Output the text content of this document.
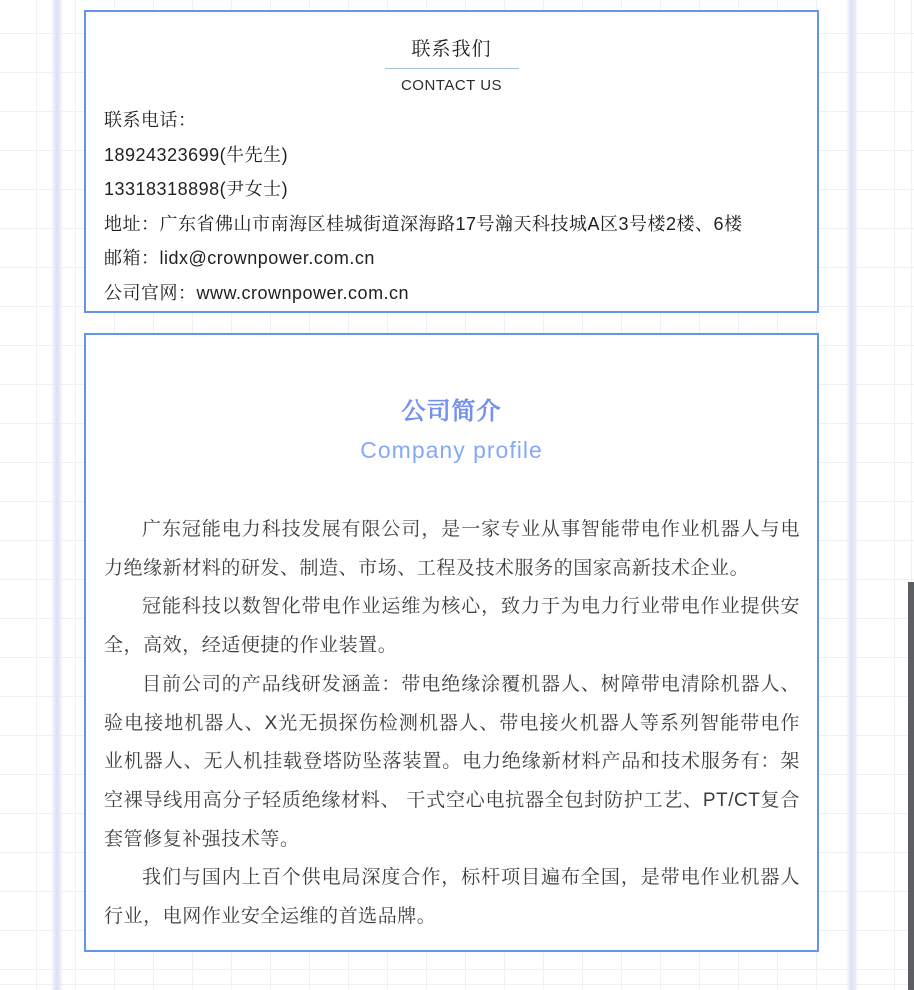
联系我们
CONTACT US
联系电话：
18924323699(牛先生)
13318318898(尹女士)
地址：广东省佛山市南海区桂城街道深海路17号瀚天科技城A区3号楼2楼、6楼
邮箱：lidx@crownpower.com.cn
公司官网：www.crownpower.com.cn
公司简介
Company profile

广东冠能电力科技发展有限公司，是一家专业从事智能带电作业机器人与电力绝缘新材料的研发、制造、市场、工程及技术服务的国家高新技术企业。

冠能科技以数智化带电作业运维为核心，致力于为电力行业带电作业提供安全，高效，经适便捷的作业装置。

目前公司的产品线研发涵盖：带电绝缘涂覆机器人、树障带电清除机器人、验电接地机器人、X光无损探伤检测机器人、带电接火机器人等系列智能带电作业机器人、无人机挂载登塔防坠落装置。电力绝缘新材料产品和技术服务有：架空裸导线用高分子轻质绝缘材料、 干式空心电抗器全包封防护工艺、PT/CT复合套管修复补强技术等。

我们与国内上百个供电局深度合作，标杆项目遍布全国，是带电作业机器人行业，电网作业安全运维的首选品牌。
